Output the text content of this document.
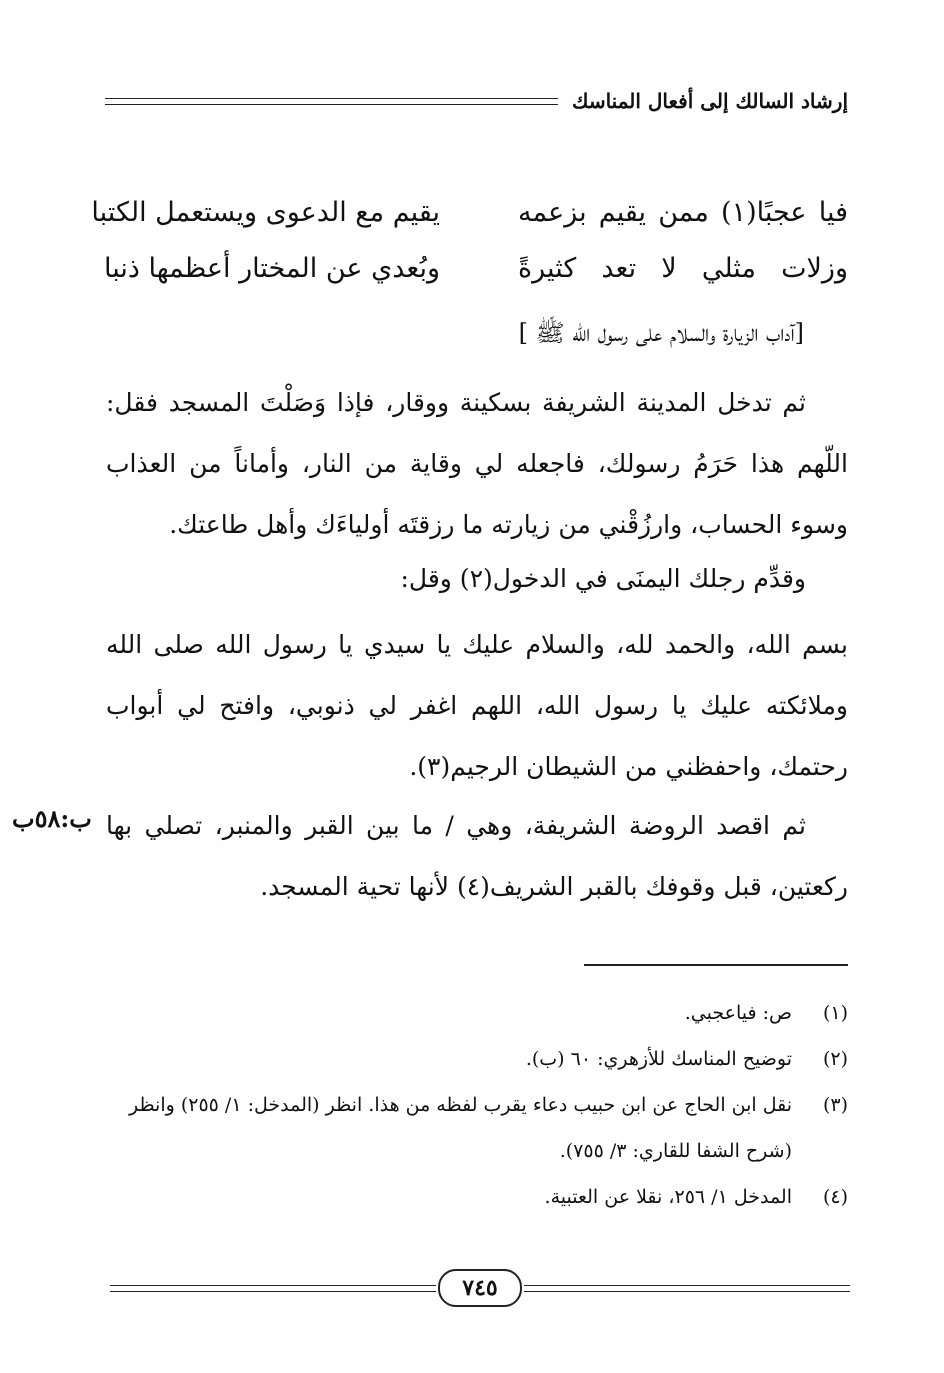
إرشاد السالك إلى أفعال المناسك
فيا عجبًا(١) ممن يقيم بزعمه
يقيم مع الدعوى ويستعمل الكتبا
وزلات مثلي لا تعد كثيرةً
وبُعدي عن المختار أعظمها ذنبا
[آداب الزيارة والسلام على رسول الله ﷺ ]

ثم تدخل المدينة الشريفة بسكينة ووقار، فإذا وَصَلْتَ المسجد فقل: اللّهم هذا حَرَمُ رسولك، فاجعله لي وقاية من النار، وأماناً من العذاب وسوء الحساب، وارزُقْني من زيارته ما رزقتَه أولياءَك وأهل طاعتك.

وقدِّم رجلك اليمنَى في الدخول(٢) وقل:

بسم الله، والحمد لله، والسلام عليك يا سيدي يا رسول الله صلى الله وملائكته عليك يا رسول الله، اللهم اغفر لي ذنوبي، وافتح لي أبواب رحتمك، واحفظني من الشيطان الرجيم(٣).

ثم اقصد الروضة الشريفة، وهي / ما بين القبر والمنبر، تصلي بها ركعتين، قبل وقوفك بالقبر الشريف(٤) لأنها تحية المسجد.

ب:٥٨ب
(١)
ص: فياعجبي.
(٢)
توضيح المناسك للأزهري: ٦٠ (ب).
(٣)
نقل ابن الحاج عن ابن حبيب دعاء يقرب لفظه من هذا. انظر (المدخل: ١/ ٢٥٥) وانظر (شرح الشفا للقاري: ٣/ ٧٥٥).
(٤)
المدخل ١/ ٢٥٦، نقلا عن العتبية.
٧٤٥
